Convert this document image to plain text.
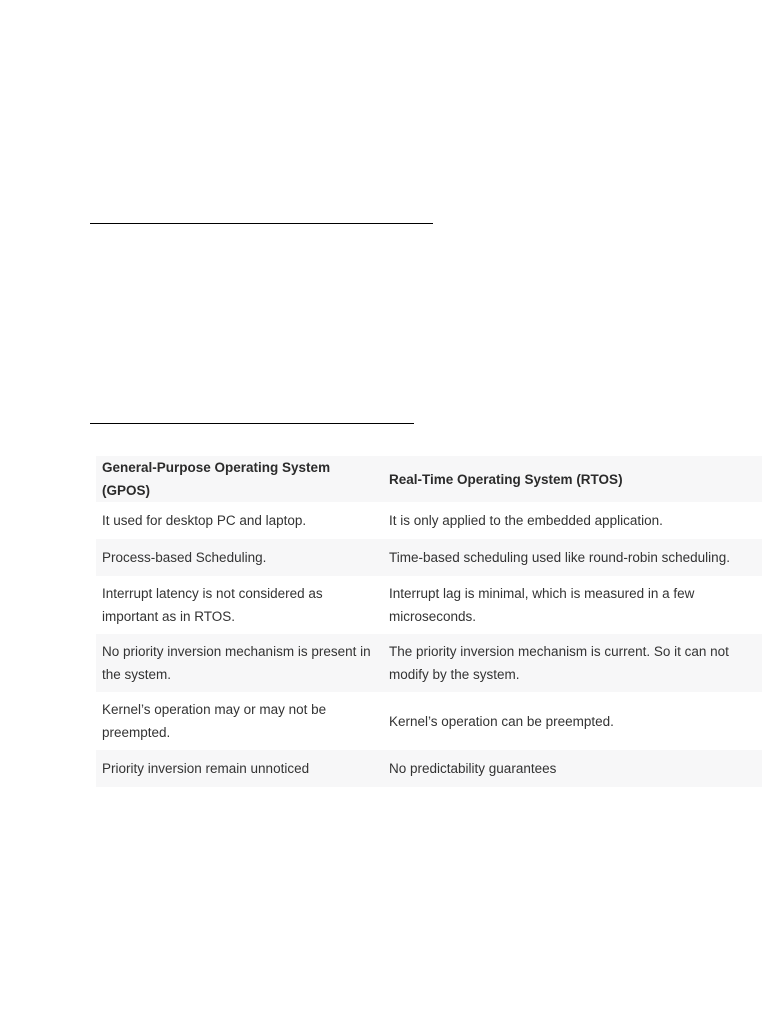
General-Purpose Operating System (GPOS)	Real-Time Operating System (RTOS)
It used for desktop PC and laptop.	It is only applied to the embedded application.
Process-based Scheduling.	Time-based scheduling used like round-robin scheduling.
Interrupt latency is not considered as important as in RTOS.	Interrupt lag is minimal, which is measured in a few microseconds.
No priority inversion mechanism is present in the system.	The priority inversion mechanism is current. So it can not modify by the system.
Kernel’s operation may or may not be preempted.	Kernel’s operation can be preempted.
Priority inversion remain unnoticed	No predictability guarantees
